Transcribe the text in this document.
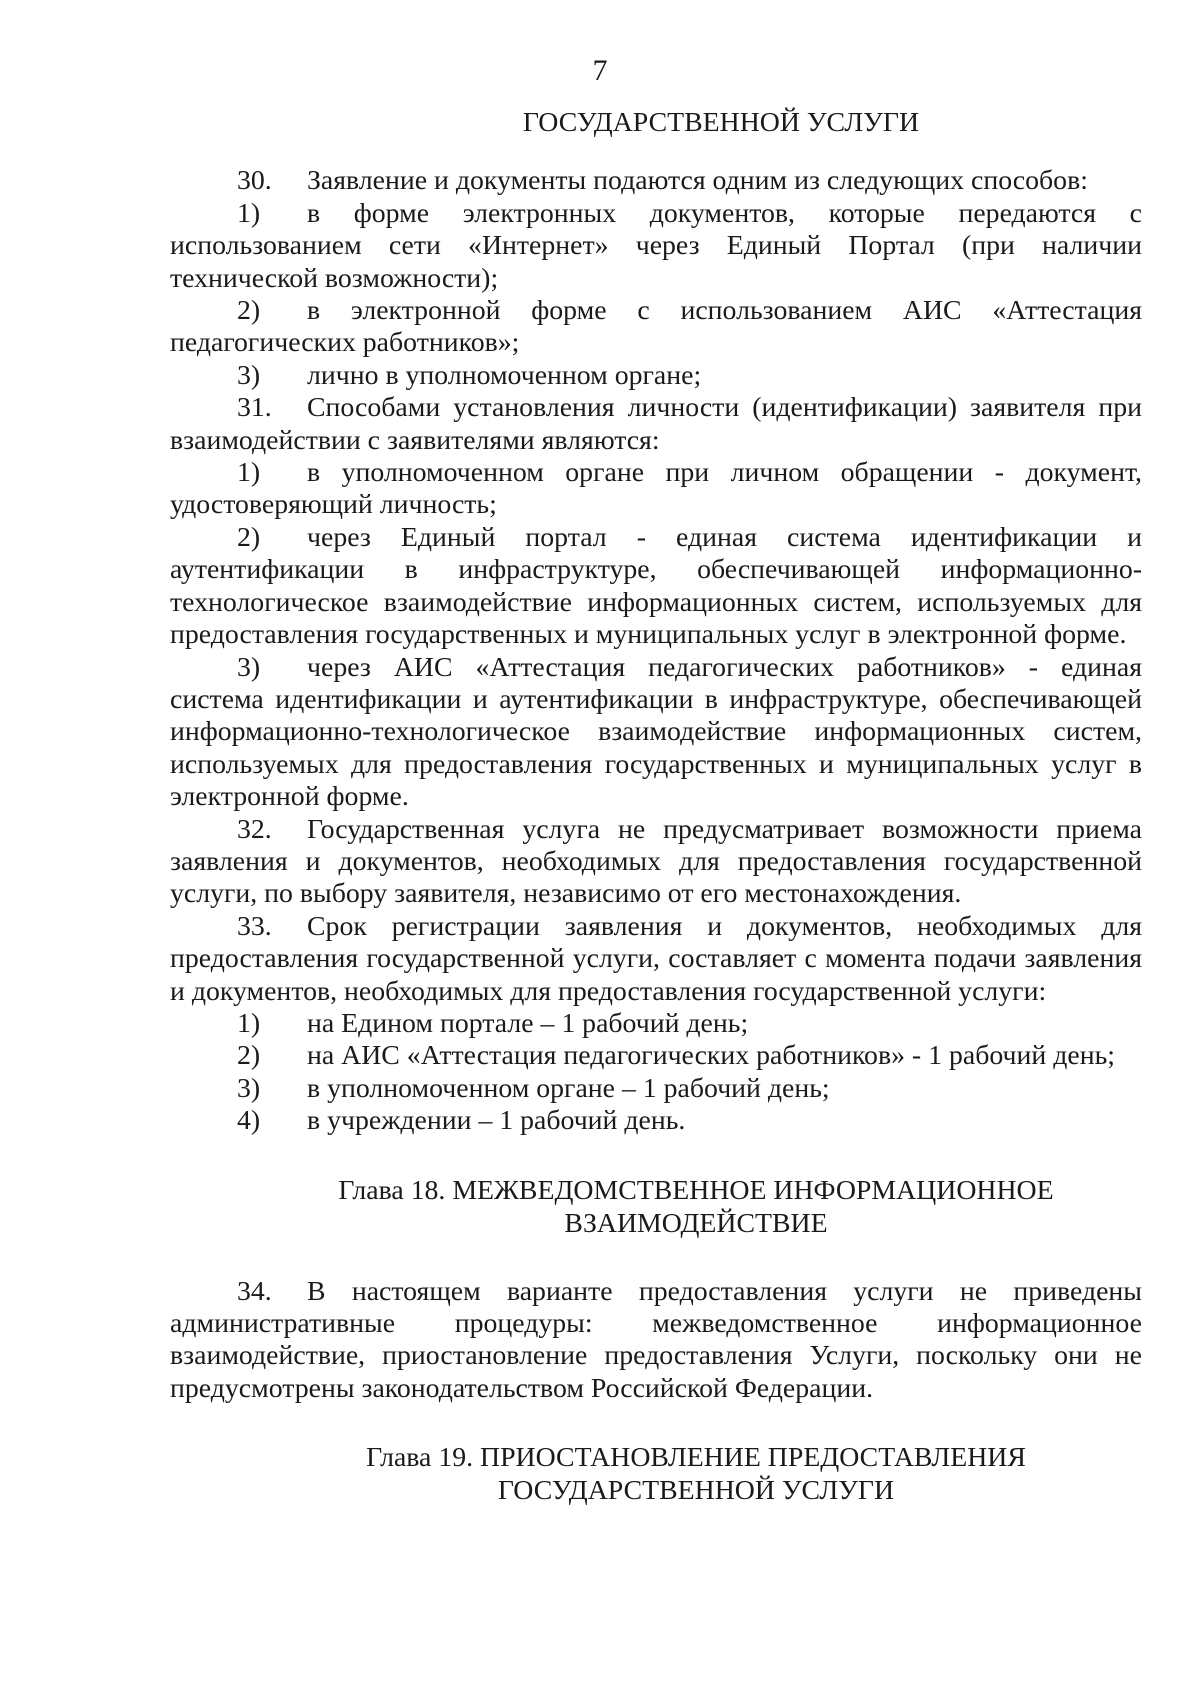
7

ГОСУДАРСТВЕННОЙ УСЛУГИ

30. Заявление и документы подаются одним из следующих способов:

1) в форме электронных документов, которые передаются с использованием сети «Интернет» через Единый Портал (при наличии технической возможности);

2) в электронной форме с использованием АИС «Аттестация педагогических работников»;

3) лично в уполномоченном органе;

31. Способами установления личности (идентификации) заявителя при взаимодействии с заявителями являются:

1) в уполномоченном органе при личном обращении - документ, удостоверяющий личность;

2) через Единый портал - единая система идентификации и аутентификации в инфраструктуре, обеспечивающей информационно-технологическое взаимодействие информационных систем, используемых для предоставления государственных и муниципальных услуг в электронной форме.

3) через АИС «Аттестация педагогических работников» - единая система идентификации и аутентификации в инфраструктуре, обеспечивающей информационно-технологическое взаимодействие информационных систем, используемых для предоставления государственных и муниципальных услуг в электронной форме.

32. Государственная услуга не предусматривает возможности приема заявления и документов, необходимых для предоставления государственной услуги, по выбору заявителя, независимо от его местонахождения.

33. Срок регистрации заявления и документов, необходимых для предоставления государственной услуги, составляет с момента подачи заявления и документов, необходимых для предоставления государственной услуги:

1)	на Едином портале – 1 рабочий день;

2)	на АИС «Аттестация педагогических работников» - 1 рабочий день;

3)	в уполномоченном органе – 1 рабочий день;

4)	в учреждении – 1 рабочий день.

Глава 18. МЕЖВЕДОМСТВЕННОЕ ИНФОРМАЦИОННОЕ

ВЗАИМОДЕЙСТВИЕ

34. В настоящем варианте предоставления услуги не приведены административные процедуры: межведомственное информационное взаимодействие, приостановление предоставления Услуги, поскольку они не предусмотрены законодательством Российской Федерации.

Глава 19. ПРИОСТАНОВЛЕНИЕ ПРЕДОСТАВЛЕНИЯ

ГОСУДАРСТВЕННОЙ УСЛУГИ
